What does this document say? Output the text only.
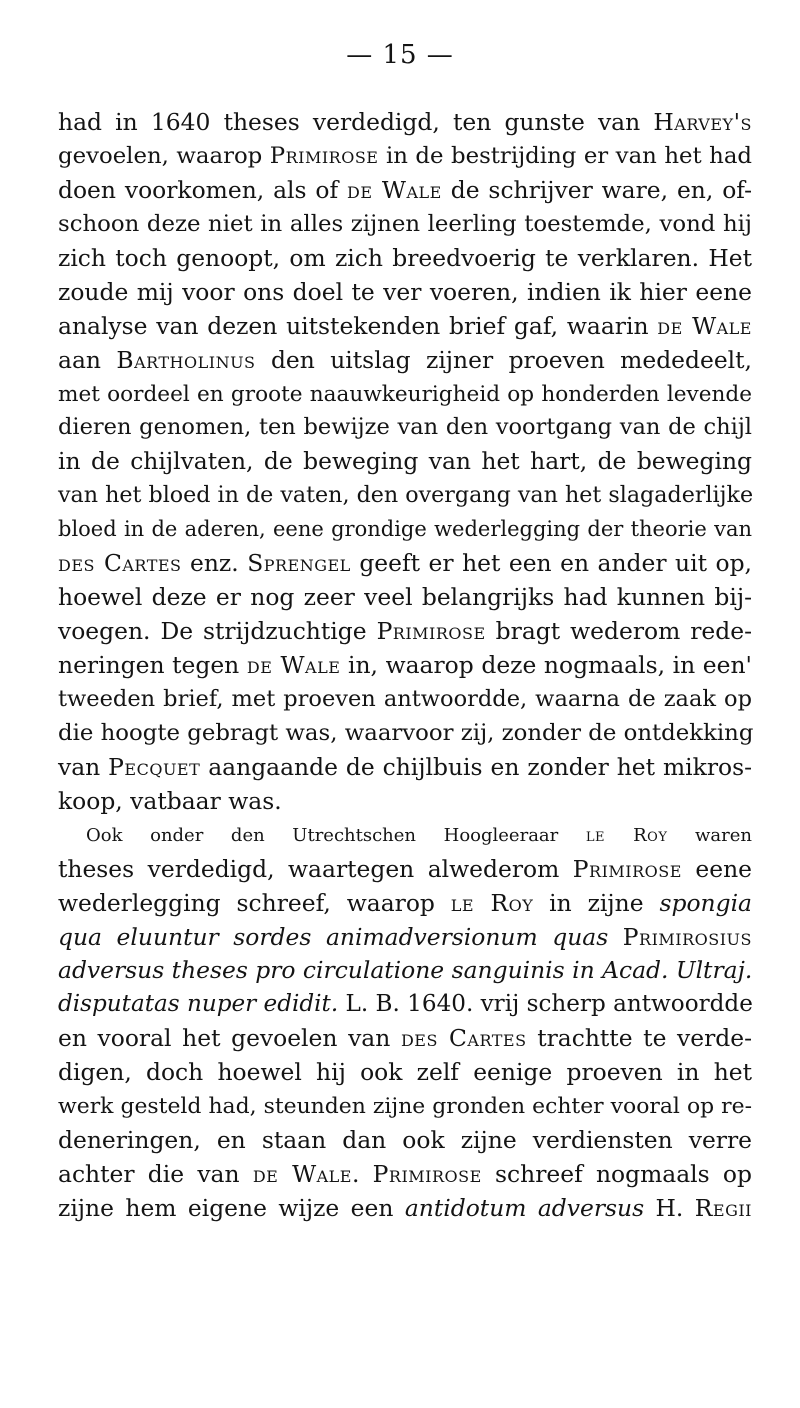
— 15 —
had in 1640 theses verdedigd, ten gunste van Harvey's
gevoelen, waarop Primirose in de bestrijding er van het had
doen voorkomen, als of de Wale de schrijver ware, en, of-
schoon deze niet in alles zijnen leerling toestemde, vond hij
zich toch genoopt, om zich breedvoerig te verklaren. Het
zoude mij voor ons doel te ver voeren, indien ik hier eene
analyse van dezen uitstekenden brief gaf, waarin de Wale
aan Bartholinus den uitslag zijner proeven mededeelt,
met oordeel en groote naauwkeurigheid op honderden levende
dieren genomen, ten bewijze van den voortgang van de chijl
in de chijlvaten, de beweging van het hart, de beweging
van het bloed in de vaten, den overgang van het slagaderlijke
bloed in de aderen, eene grondige wederlegging der theorie van
des Cartes enz. Sprengel geeft er het een en ander uit op,
hoewel deze er nog zeer veel belangrijks had kunnen bij-
voegen. De strijdzuchtige Primirose bragt wederom rede-
neringen tegen de Wale in, waarop deze nogmaals, in een'
tweeden brief, met proeven antwoordde, waarna de zaak op
die hoogte gebragt was, waarvoor zij, zonder de ontdekking
van Pecquet aangaande de chijlbuis en zonder het mikros-
koop, vatbaar was.
Ook onder den Utrechtschen Hoogleeraar le Roy waren
theses verdedigd, waartegen alwederom Primirose eene
wederlegging schreef, waarop le Roy in zijne spongia
qua eluuntur sordes animadversionum quas Primirosius
adversus theses pro circulatione sanguinis in Acad. Ultraj.
disputatas nuper edidit. L. B. 1640. vrij scherp antwoordde
en vooral het gevoelen van des Cartes trachtte te verde-
digen, doch hoewel hij ook zelf eenige proeven in het
werk gesteld had, steunden zijne gronden echter vooral op re-
deneringen, en staan dan ook zijne verdiensten verre
achter die van de Wale. Primirose schreef nogmaals op
zijne hem eigene wijze een antidotum adversus H. Regii
